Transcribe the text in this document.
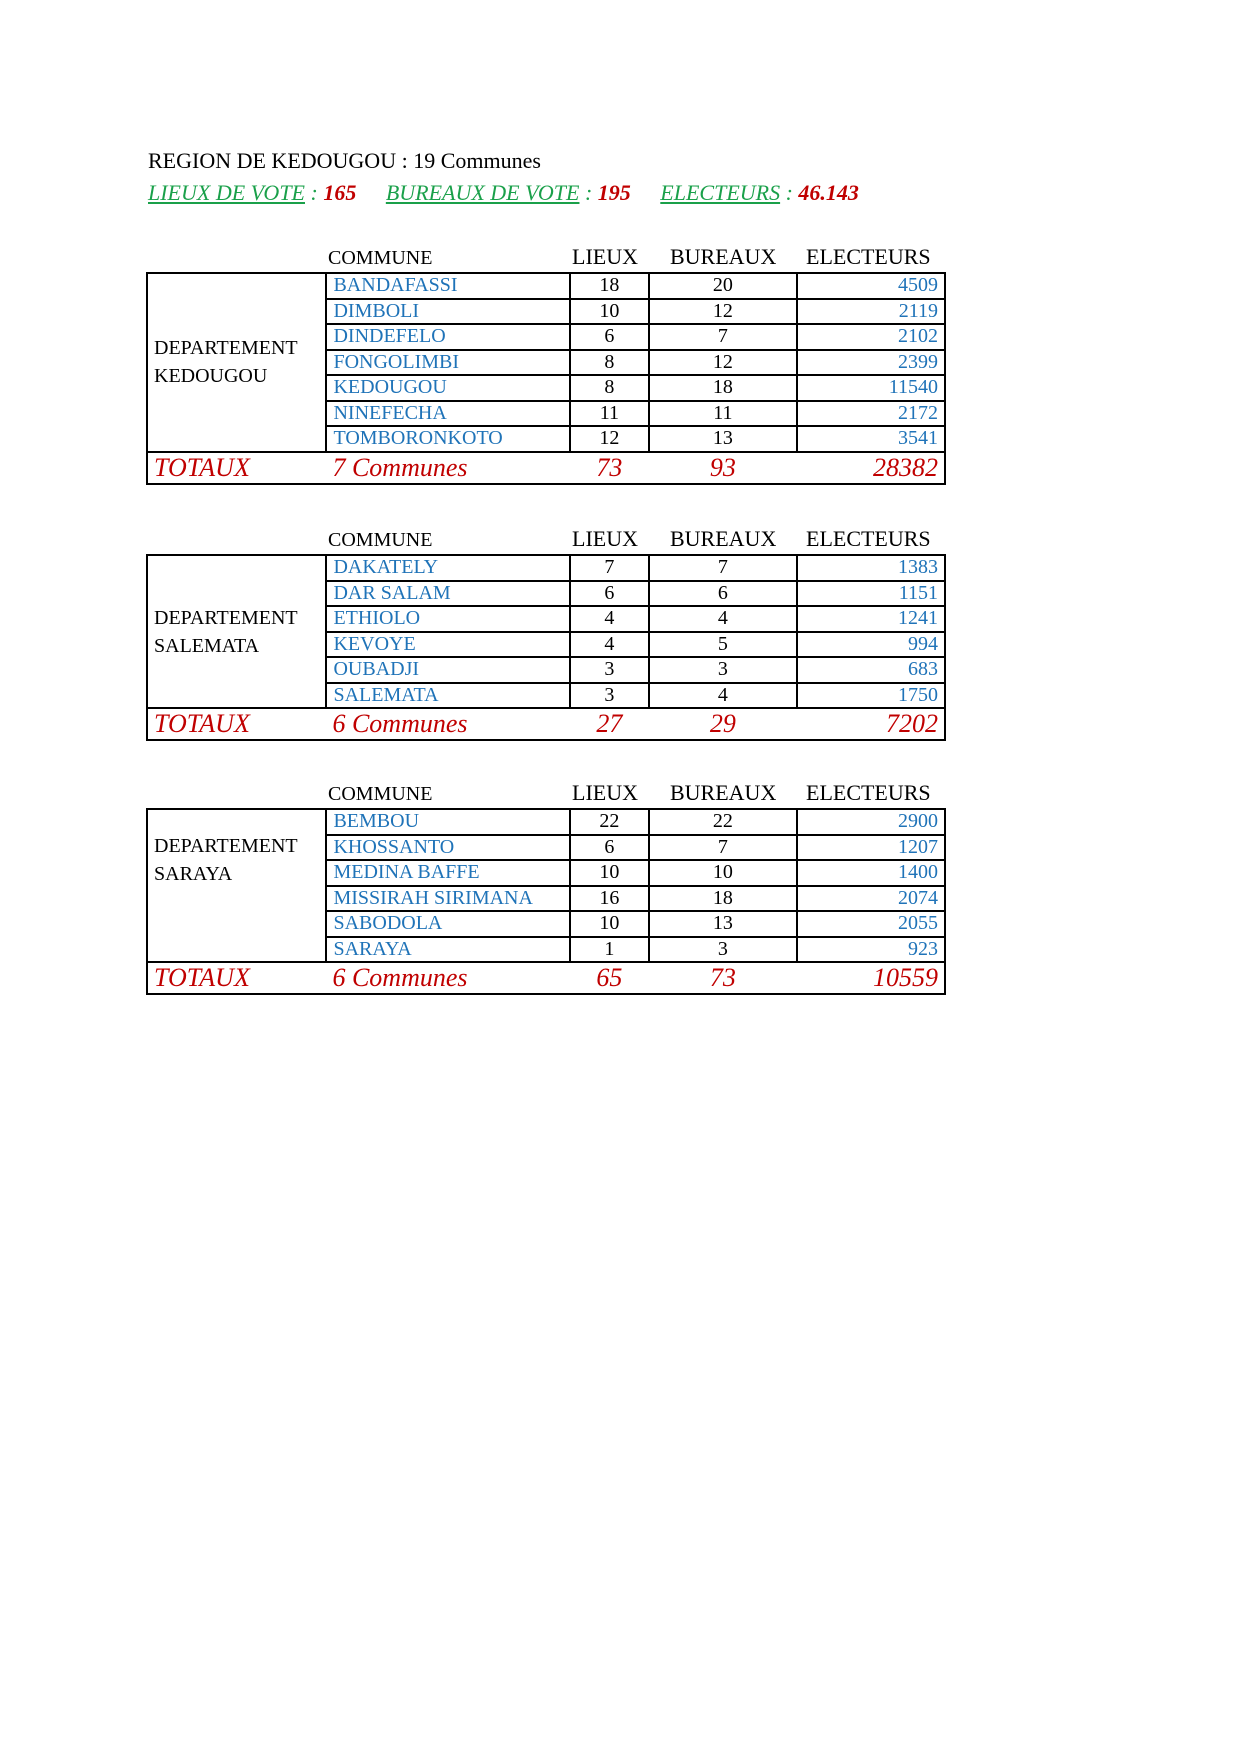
REGION DE KEDOUGOU : 19 Communes
LIEUX DE VOTE : 165 BUREAUX DE VOTE : 195 ELECTEURS : 46.143
COMMUNE	LIEUX BUREAUX ELECTEURS
DEPARTEMENT
KEDOUGOU	BANDAFASSI	18	20	4509
	DIMBOLI	10	12	2119
	DINDEFELO	6	7	2102
	FONGOLIMBI	8	12	2399
	KEDOUGOU	8	18	11540
	NINEFECHA	11	11	2172
	TOMBORONKOTO	12	13	3541
TOTAUX	7 Communes	73	93	28382
COMMUNE	LIEUX BUREAUX ELECTEURS
DEPARTEMENT
SALEMATA	DAKATELY	7	7	1383
	DAR SALAM	6	6	1151
	ETHIOLO	4	4	1241
	KEVOYE	4	5	994
	OUBADJI	3	3	683
	SALEMATA	3	4	1750
TOTAUX	6 Communes	27	29	7202
COMMUNE	LIEUX BUREAUX ELECTEURS
DEPARTEMENT
SARAYA	BEMBOU	22	22	2900
	KHOSSANTO	6	7	1207
	MEDINA BAFFE	10	10	1400
	MISSIRAH SIRIMANA	16	18	2074
	SABODOLA	10	13	2055
	SARAYA	1	3	923
TOTAUX	6 Communes	65	73	10559
